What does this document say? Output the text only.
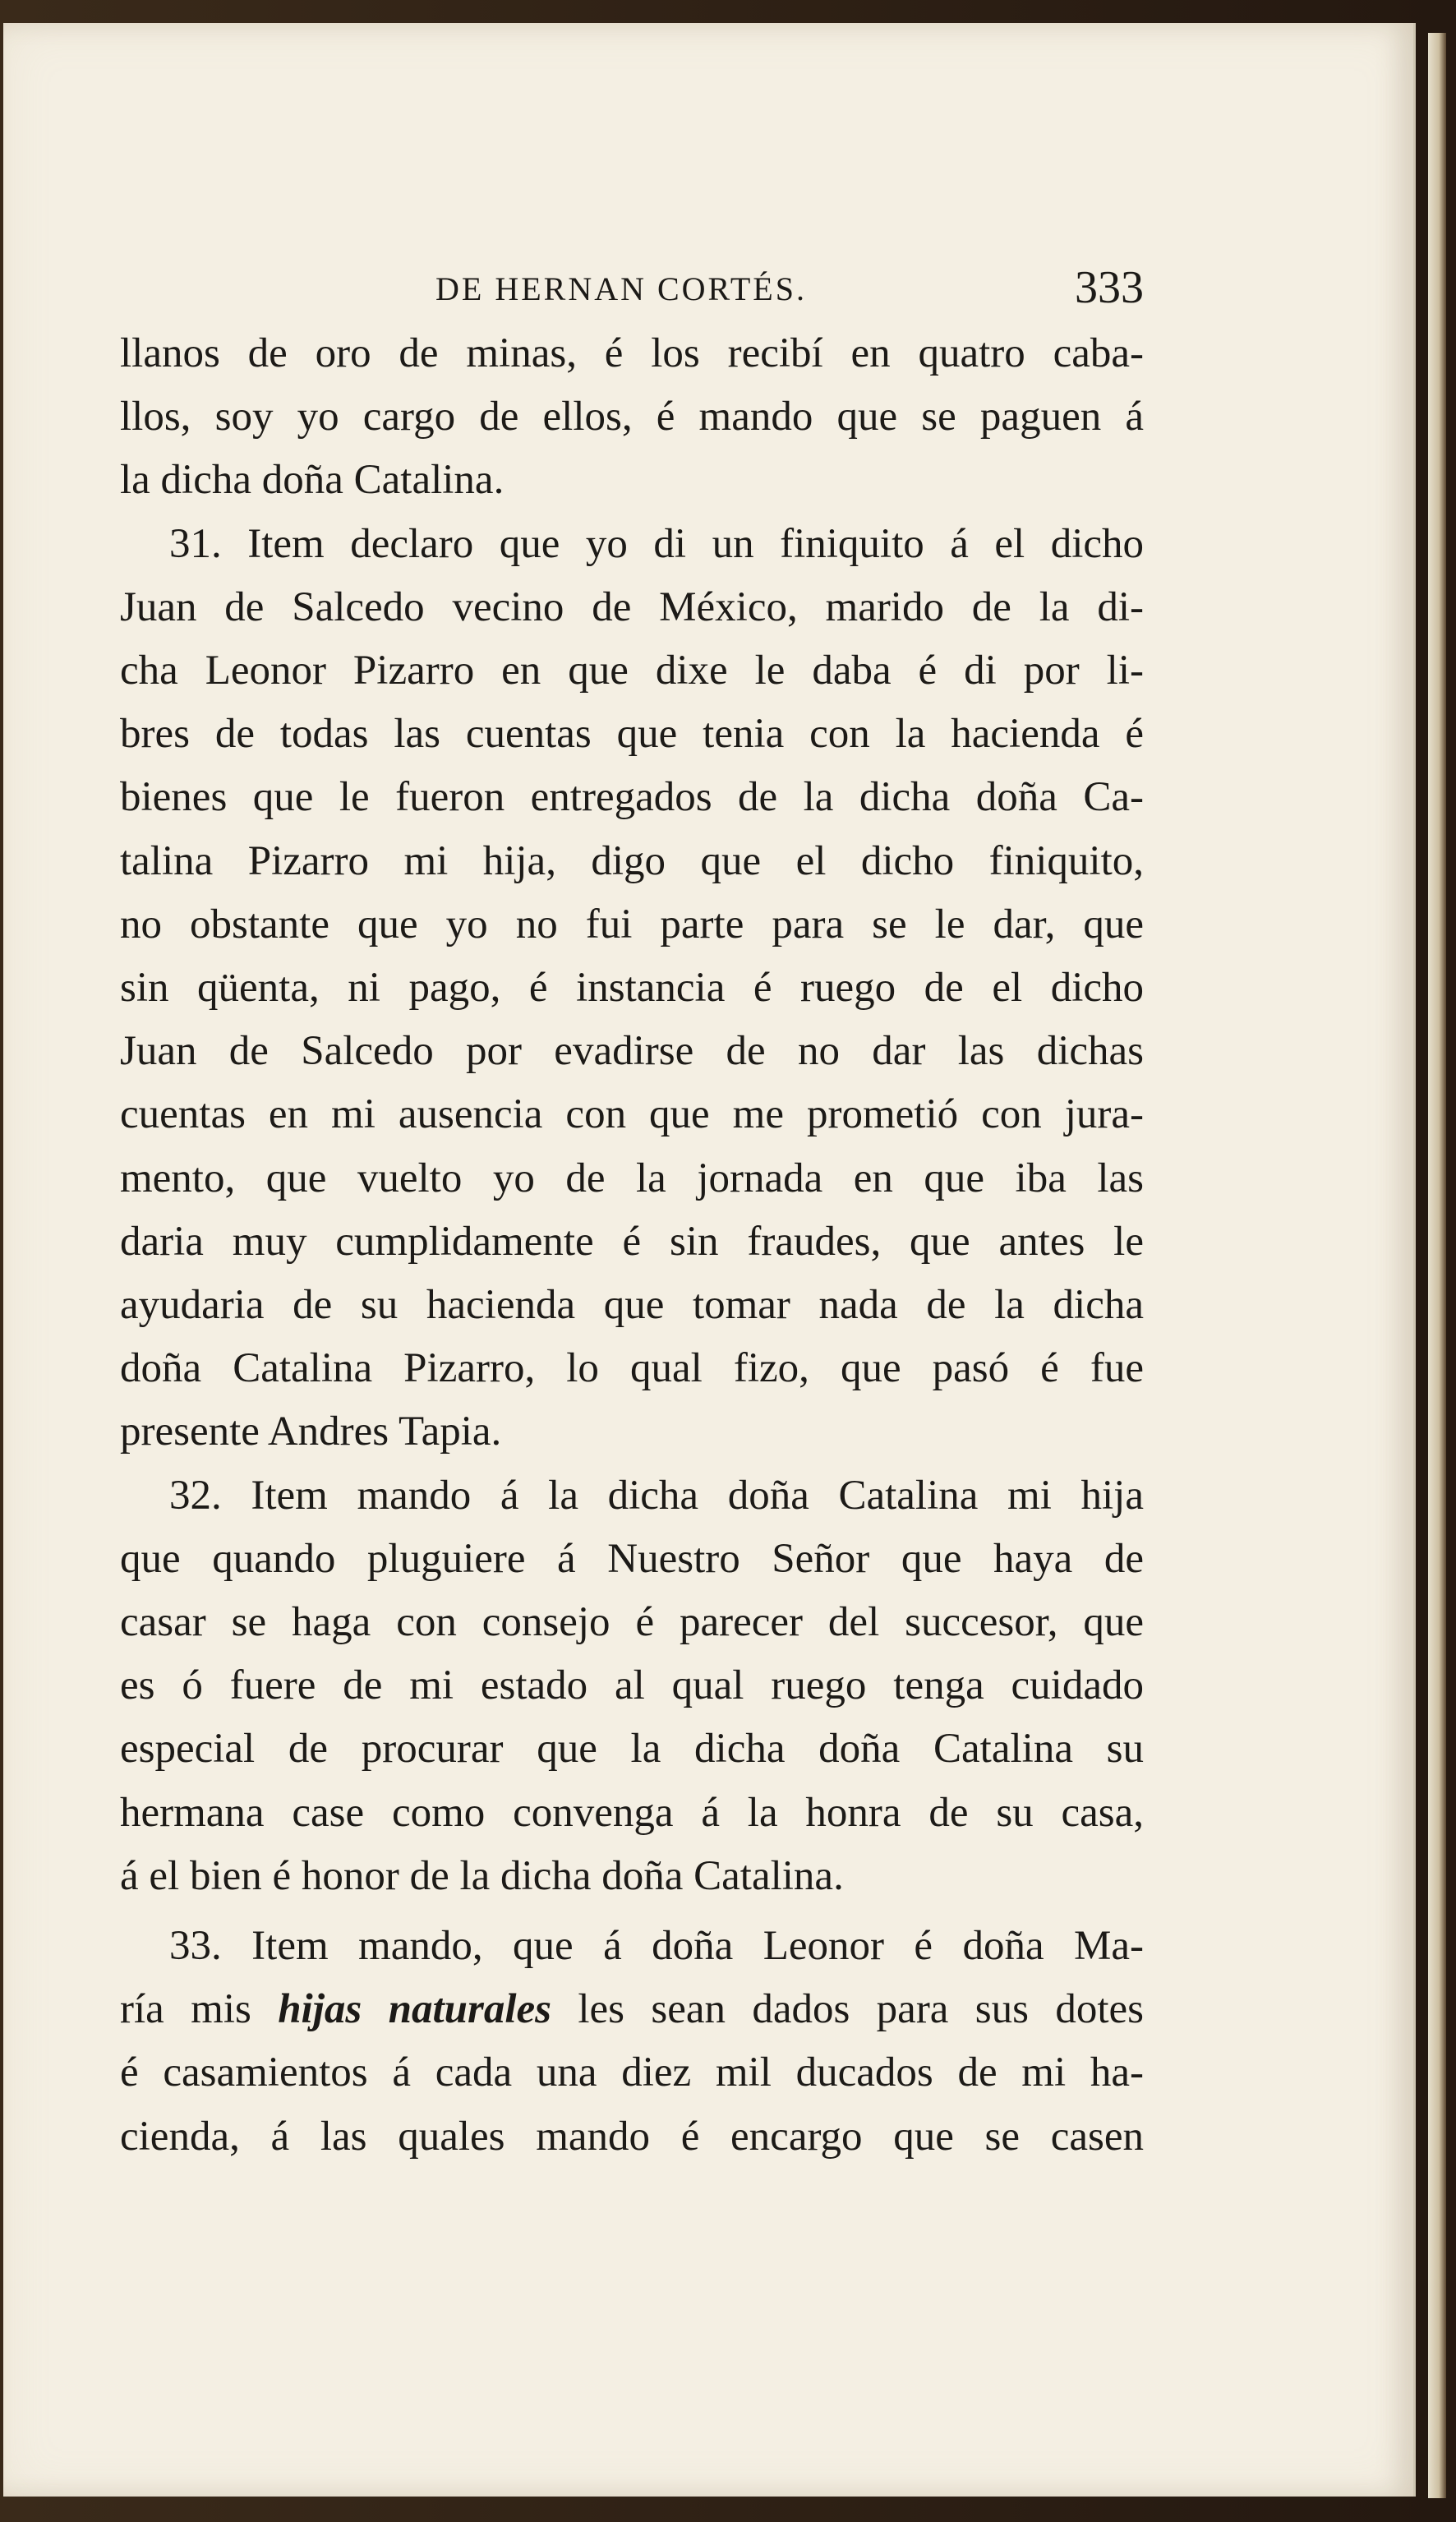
DE HERNAN CORTÉS.	333

llanos de oro de minas, é los recibí en quatro caba-

llos, soy yo cargo de ellos, é mando que se paguen á

la dicha doña Catalina.

31. Item declaro que yo di un finiquito á el dicho

Juan de Salcedo vecino de México, marido de la di-

cha Leonor Pizarro en que dixe le daba é di por li-

bres de todas las cuentas que tenia con la hacienda é

bienes que le fueron entregados de la dicha doña Ca-

talina Pizarro mi hija, digo que el dicho finiquito,

no obstante que yo no fui parte para se le dar, que

sin qüenta, ni pago, é instancia é ruego de el dicho

Juan de Salcedo por evadirse de no dar las dichas

cuentas en mi ausencia con que me prometió con jura-

mento, que vuelto yo de la jornada en que iba las

daria muy cumplidamente é sin fraudes, que antes le

ayudaria de su hacienda que tomar nada de la dicha

doña Catalina Pizarro, lo qual fizo, que pasó é fue

presente Andres Tapia.

32. Item mando á la dicha doña Catalina mi hija

que quando pluguiere á Nuestro Señor que haya de

casar se haga con consejo é parecer del succesor, que

es ó fuere de mi estado al qual ruego tenga cuidado

especial de procurar que la dicha doña Catalina su

hermana case como convenga á la honra de su casa,

á el bien é honor de la dicha doña Catalina.

33. Item mando, que á doña Leonor é doña Ma-

ría mis hijas naturales les sean dados para sus dotes

é casamientos á cada una diez mil ducados de mi ha-

cienda, á las quales mando é encargo que se casen
